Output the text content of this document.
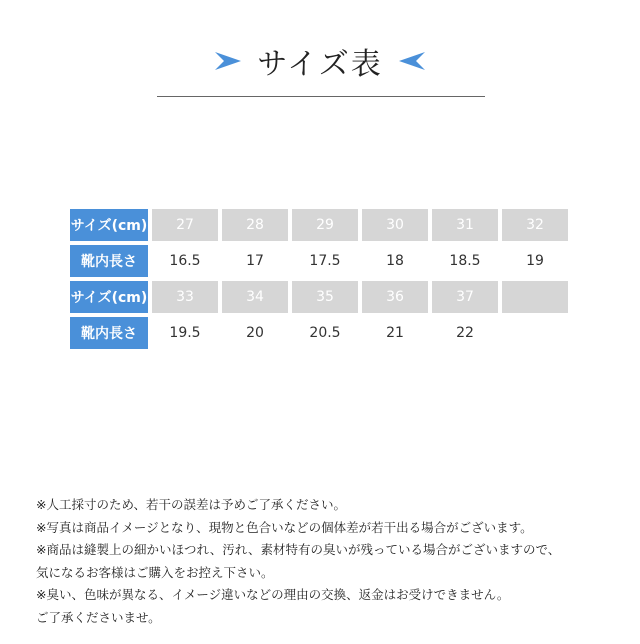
サイズ表
サイズ(cm)	27	28	29	30	31	32
靴内長さ	16.5	17	17.5	18	18.5	19
サイズ(cm)	33	34	35	36	37	
靴内長さ	19.5	20	20.5	21	22	
※人工採寸のため、若干の誤差は予めご了承ください。
※写真は商品イメージとなり、現物と色合いなどの個体差が若干出る場合がございます。
※商品は縫製上の細かいほつれ、汚れ、素材特有の臭いが残っている場合がございますので、
気になるお客様はご購入をお控え下さい。
※臭い、色味が異なる、イメージ違いなどの理由の交換、返金はお受けできません。
ご了承くださいませ。
